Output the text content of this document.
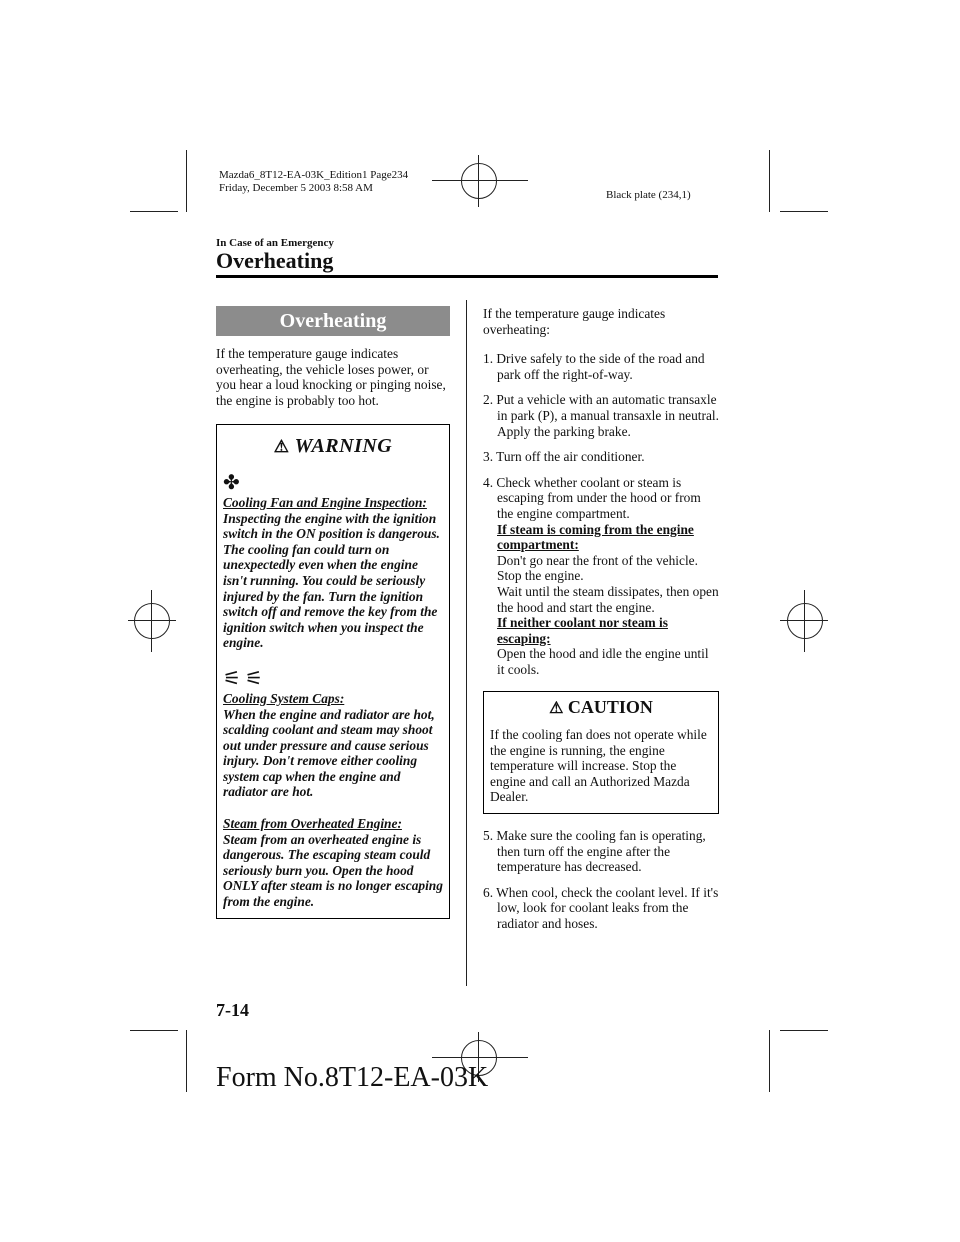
Mazda6_8T12-EA-03K_Edition1 Page234
Friday, December 5 2003 8:58 AM
Black plate (234,1)
In Case of an Emergency
Overheating
Overheating
If the temperature gauge indicates overheating, the vehicle loses power, or you hear a loud knocking or pinging noise, the engine is probably too hot.
⚠ WARNING
✤
Cooling Fan and Engine Inspection:
Inspecting the engine with the ignition switch in the ON position is dangerous. The cooling fan could turn on unexpectedly even when the engine isn't running. You could be seriously injured by the fan. Turn the ignition switch off and remove the key from the ignition switch when you inspect the engine.
⚟ ⚟
Cooling System Caps:
When the engine and radiator are hot, scalding coolant and steam may shoot out under pressure and cause serious injury. Don't remove either cooling system cap when the engine and radiator are hot.
Steam from Overheated Engine:
Steam from an overheated engine is dangerous. The escaping steam could seriously burn you. Open the hood ONLY after steam is no longer escaping from the engine.
If the temperature gauge indicates overheating:
1. Drive safely to the side of the road and park off the right-of-way.
2. Put a vehicle with an automatic transaxle in park (P), a manual transaxle in neutral.
Apply the parking brake.
3. Turn off the air conditioner.
4. Check whether coolant or steam is escaping from under the hood or from the engine compartment.
If steam is coming from the engine compartment:
Don't go near the front of the vehicle.
Stop the engine.
Wait until the steam dissipates, then open the hood and start the engine.
If neither coolant nor steam is escaping:
Open the hood and idle the engine until it cools.
⚠ CAUTION
If the cooling fan does not operate while the engine is running, the engine temperature will increase. Stop the engine and call an Authorized Mazda Dealer.
5. Make sure the cooling fan is operating, then turn off the engine after the temperature has decreased.
6. When cool, check the coolant level. If it's low, look for coolant leaks from the radiator and hoses.
7-14
Form No.8T12-EA-03K
